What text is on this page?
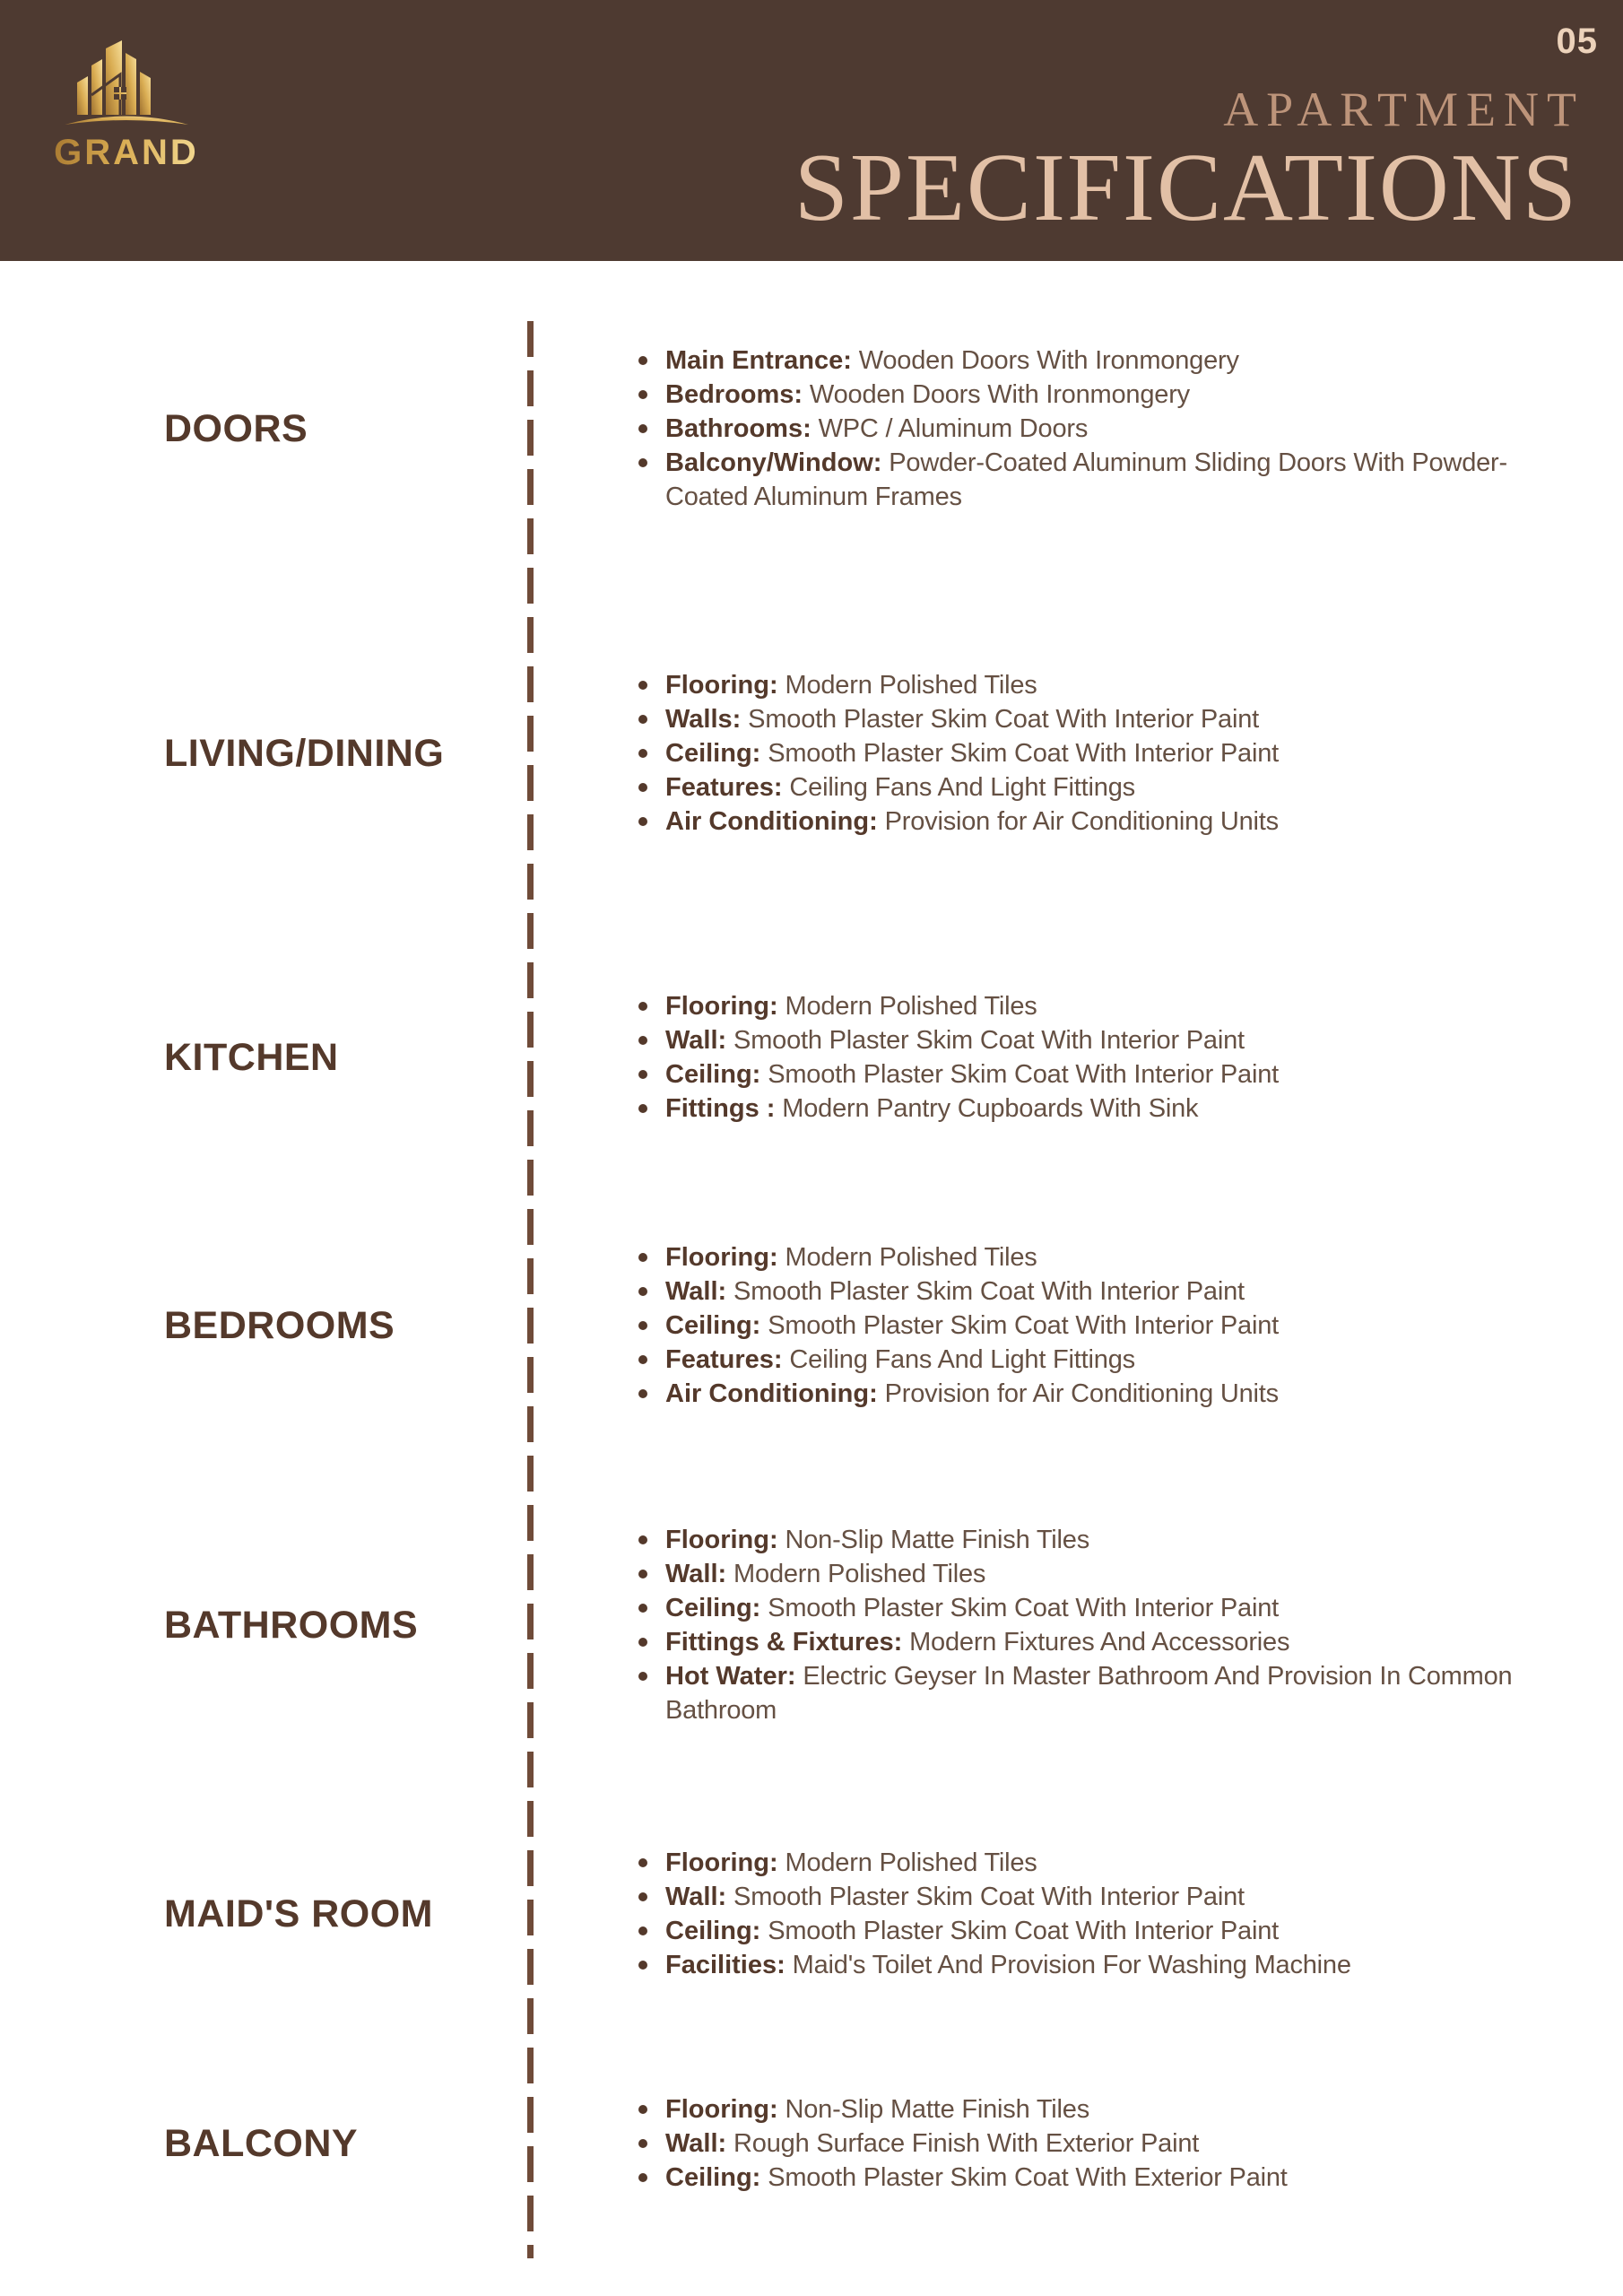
GRAND
05
APARTMENT
SPECIFICATIONS
DOORS
Main Entrance: Wooden Doors With Ironmongery
Bedrooms: Wooden Doors With Ironmongery
Bathrooms: WPC / Aluminum Doors
Balcony/Window: Powder-Coated Aluminum Sliding Doors With Powder-Coated Aluminum Frames
LIVING/DINING
Flooring: Modern Polished Tiles
Walls: Smooth Plaster Skim Coat With Interior Paint
Ceiling: Smooth Plaster Skim Coat With Interior Paint
Features: Ceiling Fans And Light Fittings
Air Conditioning: Provision for Air Conditioning Units
KITCHEN
Flooring: Modern Polished Tiles
Wall: Smooth Plaster Skim Coat With Interior Paint
Ceiling: Smooth Plaster Skim Coat With Interior Paint
Fittings : Modern Pantry Cupboards With Sink
BEDROOMS
Flooring: Modern Polished Tiles
Wall: Smooth Plaster Skim Coat With Interior Paint
Ceiling: Smooth Plaster Skim Coat With Interior Paint
Features: Ceiling Fans And Light Fittings
Air Conditioning: Provision for Air Conditioning Units
BATHROOMS
Flooring: Non-Slip Matte Finish Tiles
Wall: Modern Polished Tiles
Ceiling: Smooth Plaster Skim Coat With Interior Paint
Fittings & Fixtures: Modern Fixtures And Accessories
Hot Water: Electric Geyser In Master Bathroom And Provision In Common Bathroom
MAID'S ROOM
Flooring: Modern Polished Tiles
Wall: Smooth Plaster Skim Coat With Interior Paint
Ceiling: Smooth Plaster Skim Coat With Interior Paint
Facilities: Maid's Toilet And Provision For Washing Machine
BALCONY
Flooring: Non-Slip Matte Finish Tiles
Wall: Rough Surface Finish With Exterior Paint
Ceiling: Smooth Plaster Skim Coat With Exterior Paint
